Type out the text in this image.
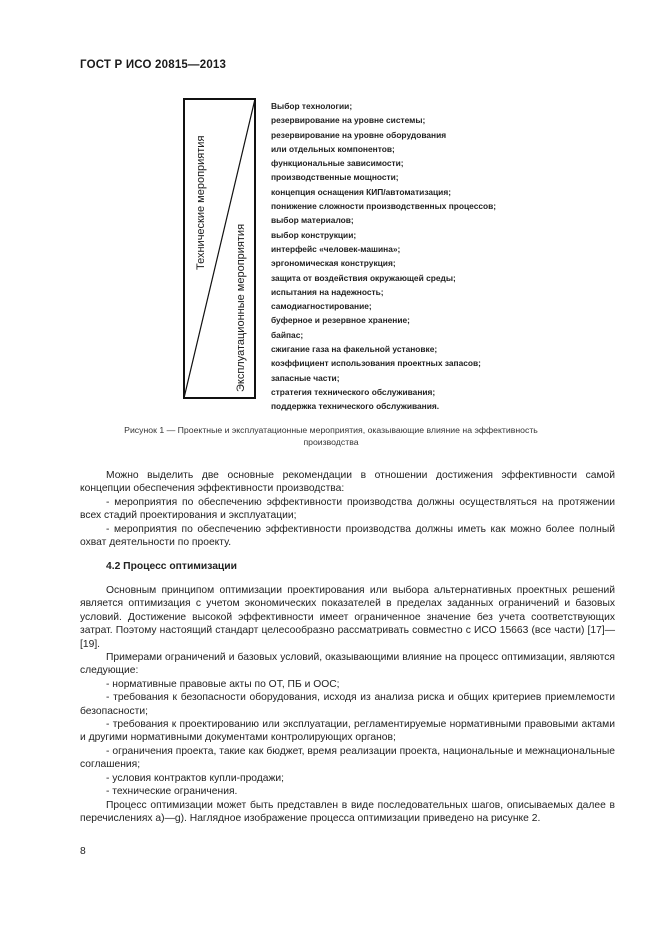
ГОСТ Р ИСО 20815—2013
Технические мероприятия
Эксплуатационные мероприятия
Выбор технологии;
резервирование на уровне системы;
резервирование на уровне оборудования
или отдельных компонентов;
функциональные зависимости;
производственные мощности;
концепция оснащения КИП/автоматизация;
понижение сложности производственных процессов;
выбор материалов;
выбор конструкции;
интерфейс «человек-машина»;
эргономическая конструкция;
защита от воздействия окружающей среды;
испытания на надежность;
самодиагностирование;
буферное и резервное хранение;
байпас;
сжигание газа на факельной установке;
коэффициент использования проектных запасов;
запасные части;
стратегия технического обслуживания;
поддержка технического обслуживания.
Рисунок 1 — Проектные и эксплуатационные мероприятия, оказывающие влияние на эффективность
производства

Можно выделить две основные рекомендации в отношении достижения эффективности самой концепции обеспечения эффективности производства:

- мероприятия по обеспечению эффективности производства должны осуществляться на протяжении всех стадий проектирования и эксплуатации;

- мероприятия по обеспечению эффективности производства должны иметь как можно более полный охват деятельности по проекту.

4.2 Процесс оптимизации

Основным принципом оптимизации проектирования или выбора альтернативных проектных решений является оптимизация с учетом экономических показателей в пределах заданных ограничений и базовых условий. Достижение высокой эффективности имеет ограниченное значение без учета соответствующих затрат. Поэтому настоящий стандарт целесообразно рассматривать совместно с ИСО 15663 (все части) [17]—[19].

Примерами ограничений и базовых условий, оказывающими влияние на процесс оптимизации, являются следующие:

- нормативные правовые акты по ОТ, ПБ и ООС;

- требования к безопасности оборудования, исходя из анализа риска и общих критериев приемлемости безопасности;

- требования к проектированию или эксплуатации, регламентируемые нормативными правовыми актами и другими нормативными документами контролирующих органов;

- ограничения проекта, такие как бюджет, время реализации проекта, национальные и межнациональные соглашения;

- условия контрактов купли-продажи;

- технические ограничения.

Процесс оптимизации может быть представлен в виде последовательных шагов, описываемых далее в перечислениях a)—g). Наглядное изображение процесса оптимизации приведено на рисунке 2.

8
